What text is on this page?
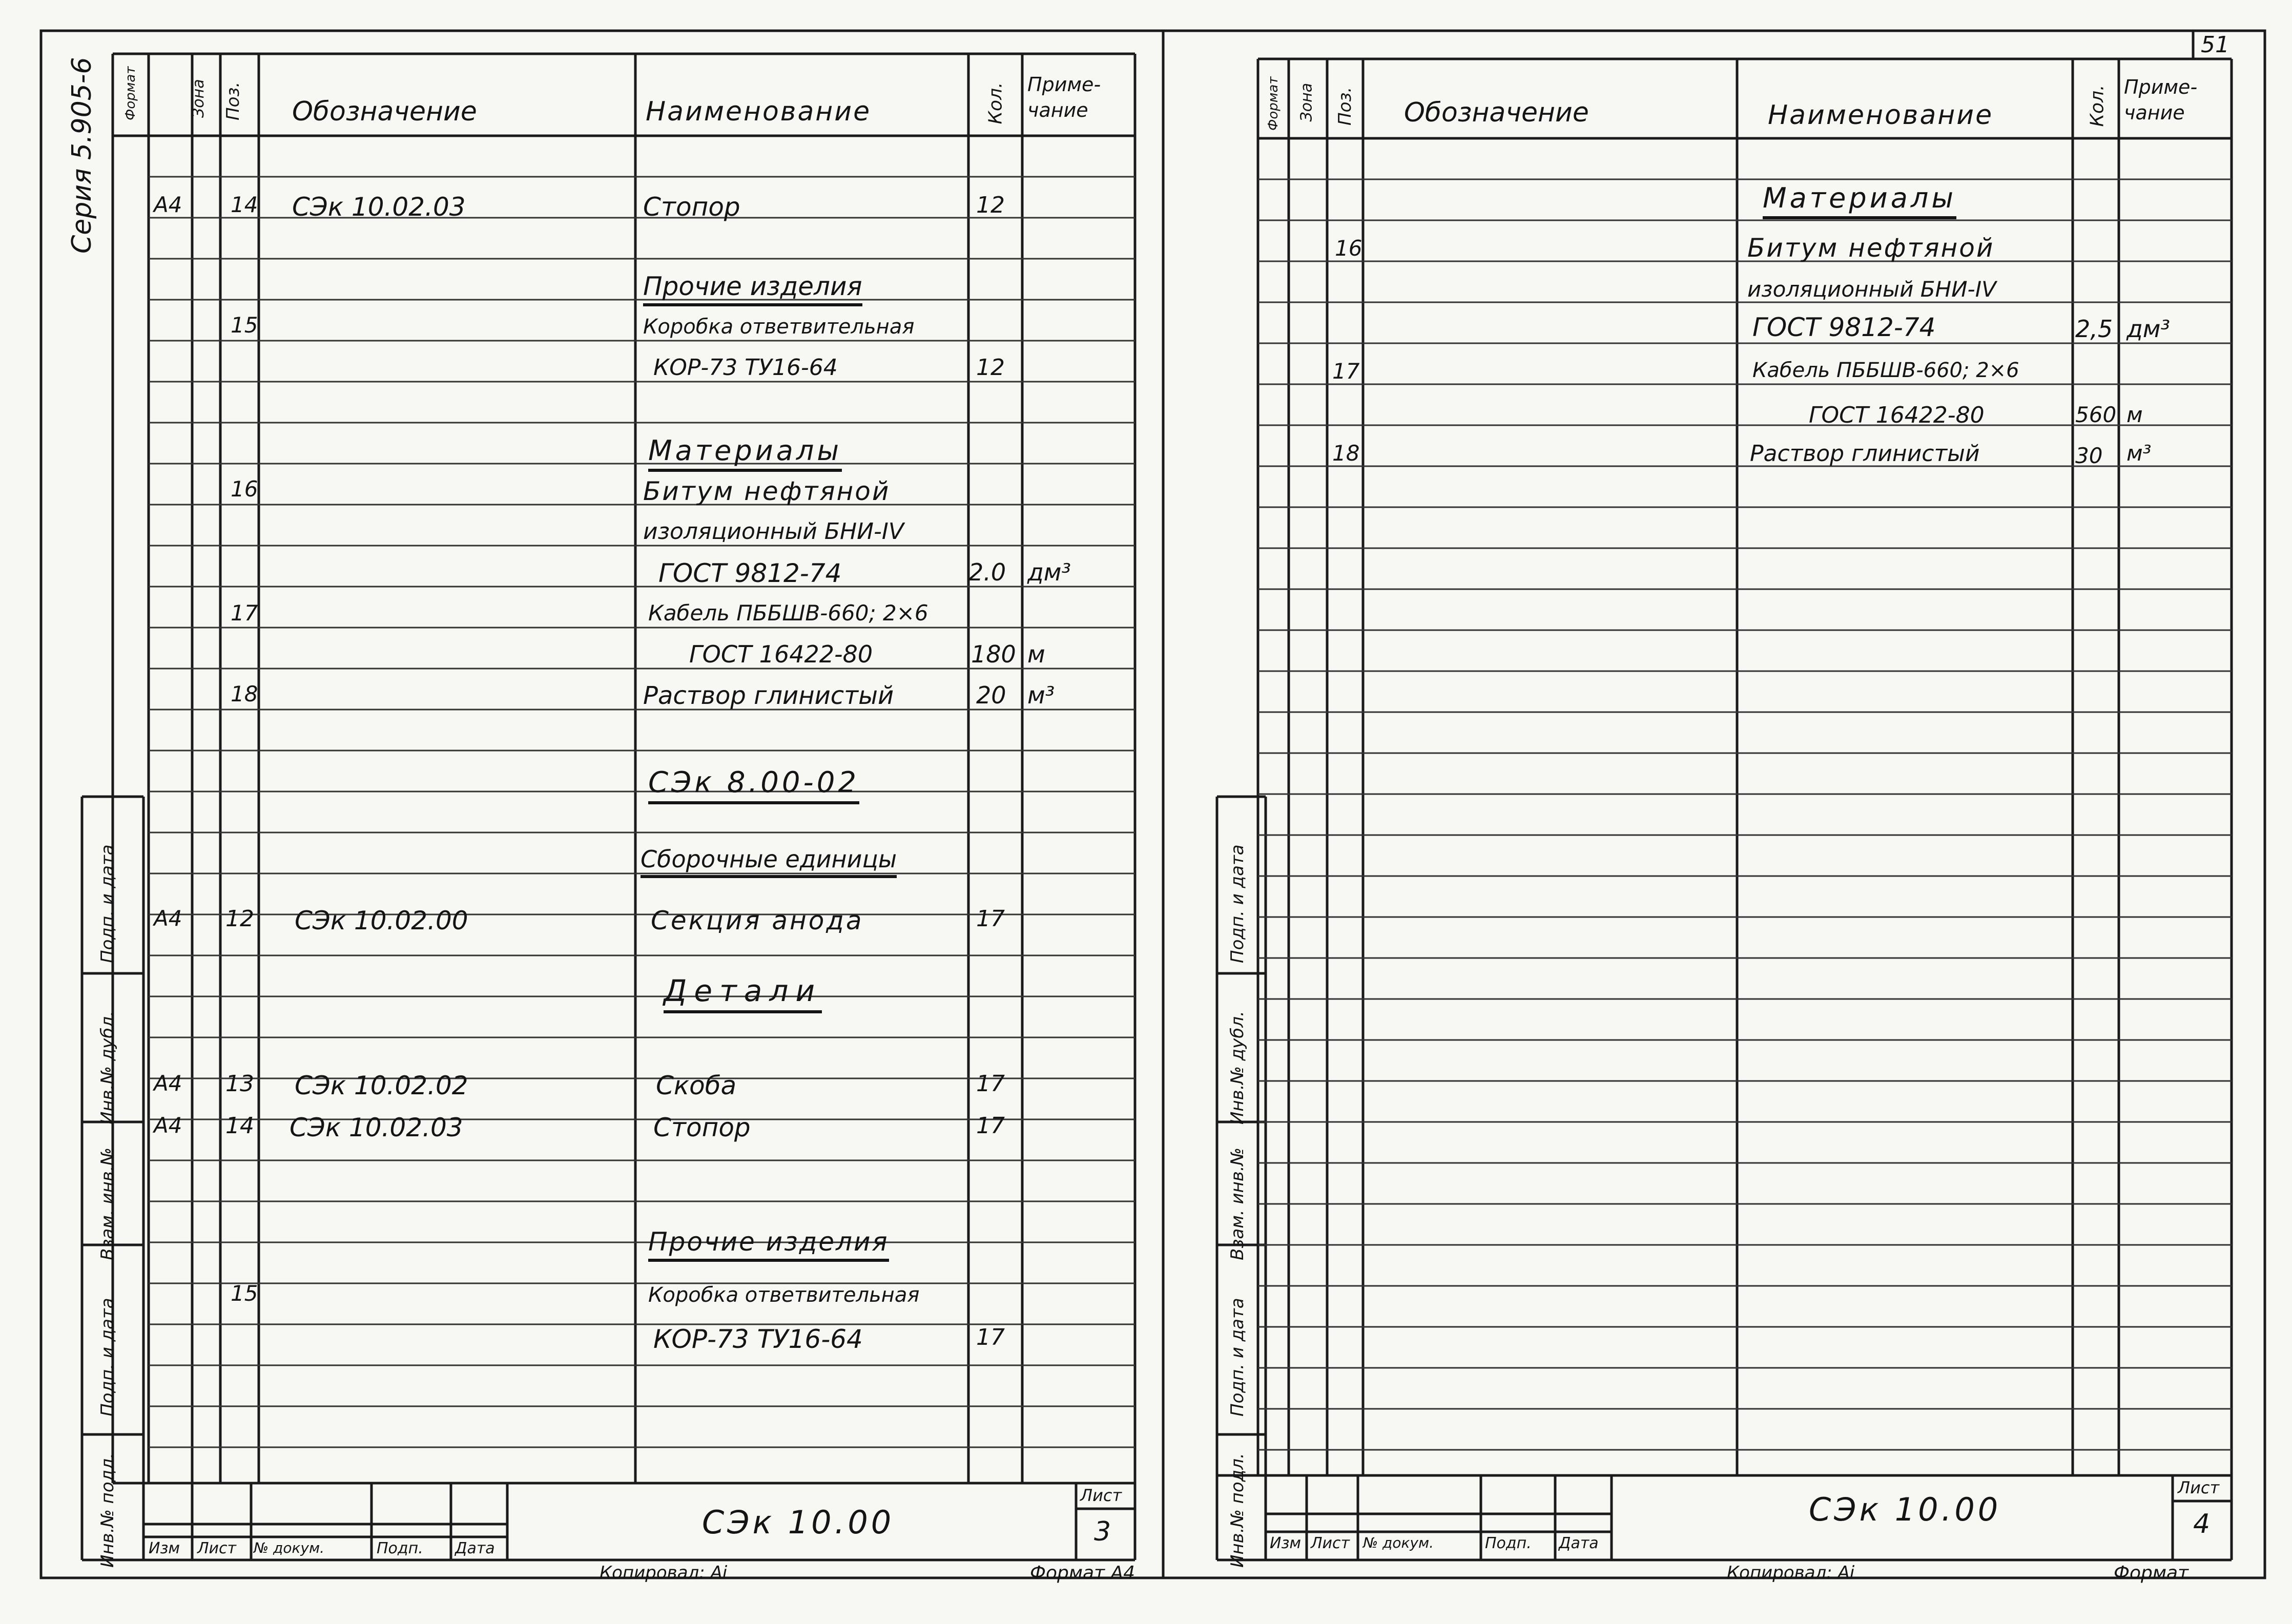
51
Серия 5.905-6 Формат	Зона Поз. Обозначение	Наименование	Кол. Приме-
чание
А4 14 СЭк 10.02.03	Стопор	12
Прочие изделия
15	Коробка ответвительная
КОР-73 ТУ16-64	12
Материалы
16	Битум нефтяной
изоляционный БНИ-IV
ГОСТ 9812-74	2.0 дм³
17	Кабель ПББШВ-660; 2×6
ГОСТ 16422-80	180 м
18	Раствор глинистый	20 м³
СЭк 8.00-02
Сборочные единицы
А4 12 СЭк 10.02.00	Секция анода	17
Детали
А4 13 СЭк 10.02.02	Скоба	17
А4 14 СЭк 10.02.03	Стопор	17
Прочие изделия
15	Коробка ответвительная
КОР-73 ТУ16-64	17
Инв.№ подл.
Подп. и дата
Взам. инв.№
Инв.№ дубл.
Подп. и дата
Изм Лист № докум.	Подп. Дата
СЭк 10.00
Лист
3
Копировал: Ai	Формат А4
Формат	Зона Поз. Обозначение	Наименование	Кол. Приме-
чание
Материалы
16	Битум нефтяной
изоляционный БНИ-IV
ГОСТ 9812-74	2,5 дм³
17	Кабель ПББШВ-660; 2×6
ГОСТ 16422-80	560 м
18	Раствор глинистый	30 м³
Инв.№ подл.
Подп. и дата
Взам. инв.№
Инв.№ дубл.
Подп. и дата
Изм Лист № докум.	Подп. Дата
СЭк 10.00
Лист
4
Копировал: Ai	Формат
